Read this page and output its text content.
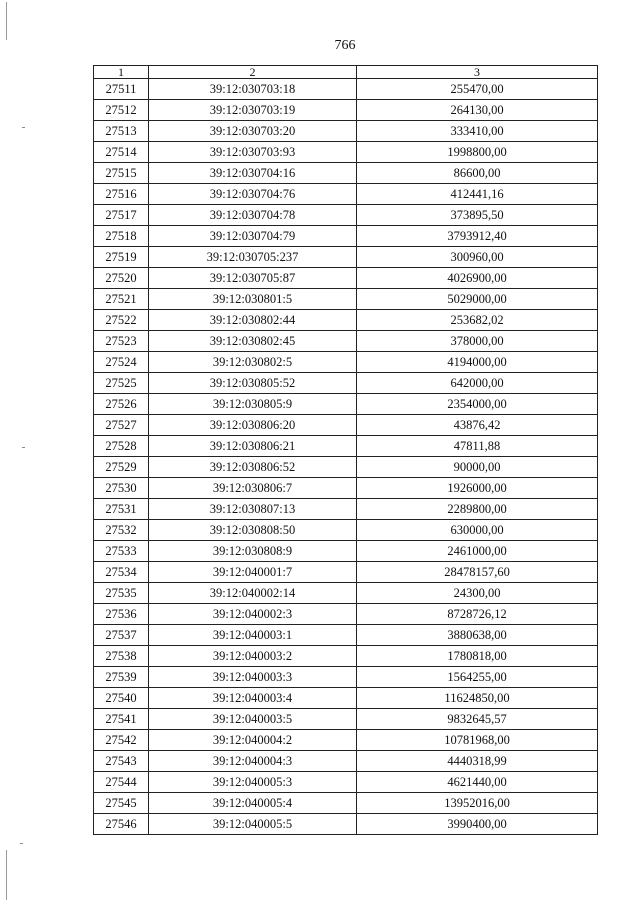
766
1	2	3
27511	39:12:030703:18	255470,00
27512	39:12:030703:19	264130,00
27513	39:12:030703:20	333410,00
27514	39:12:030703:93	1998800,00
27515	39:12:030704:16	86600,00
27516	39:12:030704:76	412441,16
27517	39:12:030704:78	373895,50
27518	39:12:030704:79	3793912,40
27519	39:12:030705:237	300960,00
27520	39:12:030705:87	4026900,00
27521	39:12:030801:5	5029000,00
27522	39:12:030802:44	253682,02
27523	39:12:030802:45	378000,00
27524	39:12:030802:5	4194000,00
27525	39:12:030805:52	642000,00
27526	39:12:030805:9	2354000,00
27527	39:12:030806:20	43876,42
27528	39:12:030806:21	47811,88
27529	39:12:030806:52	90000,00
27530	39:12:030806:7	1926000,00
27531	39:12:030807:13	2289800,00
27532	39:12:030808:50	630000,00
27533	39:12:030808:9	2461000,00
27534	39:12:040001:7	28478157,60
27535	39:12:040002:14	24300,00
27536	39:12:040002:3	8728726,12
27537	39:12:040003:1	3880638,00
27538	39:12:040003:2	1780818,00
27539	39:12:040003:3	1564255,00
27540	39:12:040003:4	11624850,00
27541	39:12:040003:5	9832645,57
27542	39:12:040004:2	10781968,00
27543	39:12:040004:3	4440318,99
27544	39:12:040005:3	4621440,00
27545	39:12:040005:4	13952016,00
27546	39:12:040005:5	3990400,00
